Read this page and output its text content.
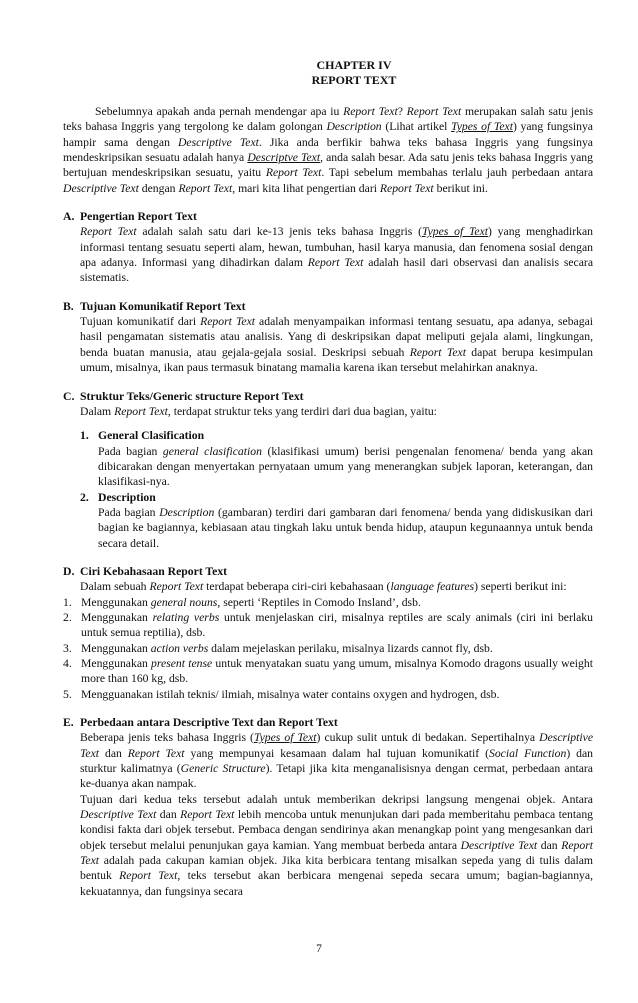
CHAPTER IV
REPORT TEXT

Sebelumnya apakah anda pernah mendengar apa iu Report Text? Report Text merupakan salah satu jenis teks bahasa Inggris yang tergolong ke dalam golongan Description (Lihat artikel Types of Text) yang fungsinya hampir sama dengan Descriptive Text. Jika anda berfikir bahwa teks bahasa Inggris yang fungsinya mendeskripsikan sesuatu adalah hanya Descriptve Text, anda salah besar. Ada satu jenis teks bahasa Inggris yang bertujuan mendeskripsikan sesuatu, yaitu Report Text. Tapi sebelum membahas terlalu jauh perbedaan antara Descriptive Text dengan Report Text, mari kita lihat pengertian dari Report Text berikut ini.

A. Pengertian Report Text

Report Text adalah salah satu dari ke-13 jenis teks bahasa Inggris (Types of Text) yang menghadirkan informasi tentang sesuatu seperti alam, hewan, tumbuhan, hasil karya manusia, dan fenomena sosial dengan apa adanya. Informasi yang dihadirkan dalam Report Text adalah hasil dari observasi dan analisis secara sistematis.

B. Tujuan Komunikatif Report Text

Tujuan komunikatif dari Report Text adalah menyampaikan informasi tentang sesuatu, apa adanya, sebagai hasil pengamatan sistematis atau analisis. Yang di deskripsikan dapat meliputi gejala alami, lingkungan, benda buatan manusia, atau gejala-gejala sosial. Deskripsi sebuah Report Text dapat berupa kesimpulan umum, misalnya, ikan paus termasuk binatang mamalia karena ikan tersebut melahirkan anaknya.

C. Struktur Teks/Generic structure Report Text

Dalam Report Text, terdapat struktur teks yang terdiri dari dua bagian, yaitu:

1. General Clasification

Pada bagian general clasification (klasifikasi umum) berisi pengenalan fenomena/ benda yang akan dibicarakan dengan menyertakan pernyataan umum yang menerangkan subjek laporan, keterangan, dan klasifikasi-nya.

2. Description

Pada bagian Description (gambaran) terdiri dari gambaran dari fenomena/ benda yang didiskusikan dari bagian ke bagiannya, kebiasaan atau tingkah laku untuk benda hidup, ataupun kegunaannya untuk benda secara detail.

D. Ciri Kebahasaan Report Text

Dalam sebuah Report Text terdapat beberapa ciri-ciri kebahasaan (language features) seperti berikut ini:

1. Menggunakan general nouns, seperti ‘Reptiles in Comodo Insland’, dsb.
2. Menggunakan relating verbs untuk menjelaskan ciri, misalnya reptiles are scaly animals (ciri ini berlaku untuk semua reptilia), dsb.
3. Menggunakan action verbs dalam mejelaskan perilaku, misalnya lizards cannot fly, dsb.
4. Menggunakan present tense untuk menyatakan suatu yang umum, misalnya Komodo dragons usually weight more than 160 kg, dsb.
5. Mengguanakan istilah teknis/ ilmiah, misalnya water contains oxygen and hydrogen, dsb.
E. Perbedaan antara Descriptive Text dan Report Text

Beberapa jenis teks bahasa Inggris (Types of Text) cukup sulit untuk di bedakan. Sepertihalnya Descriptive Text dan Report Text yang mempunyai kesamaan dalam hal tujuan komunikatif (Social Function) dan sturktur kalimatnya (Generic Structure). Tetapi jika kita menganalisisnya dengan cermat, perbedaan antara ke-duanya akan nampak.

Tujuan dari kedua teks tersebut adalah untuk memberikan dekripsi langsung mengenai objek. Antara Descriptive Text dan Report Text lebih mencoba untuk menunjukan dari pada memberitahu pembaca tentang kondisi fakta dari objek tersebut. Pembaca dengan sendirinya akan menangkap point yang mengesankan dari objek tersebut melalui penunjukan gaya kamian. Yang membuat berbeda antara Descriptive Text dan Report Text adalah pada cakupan kamian objek. Jika kita berbicara tentang misalkan sepeda yang di tulis dalam bentuk Report Text, teks tersebut akan berbicara mengenai sepeda secara umum; bagian-bagiannya, kekuatannya, dan fungsinya secara

7
